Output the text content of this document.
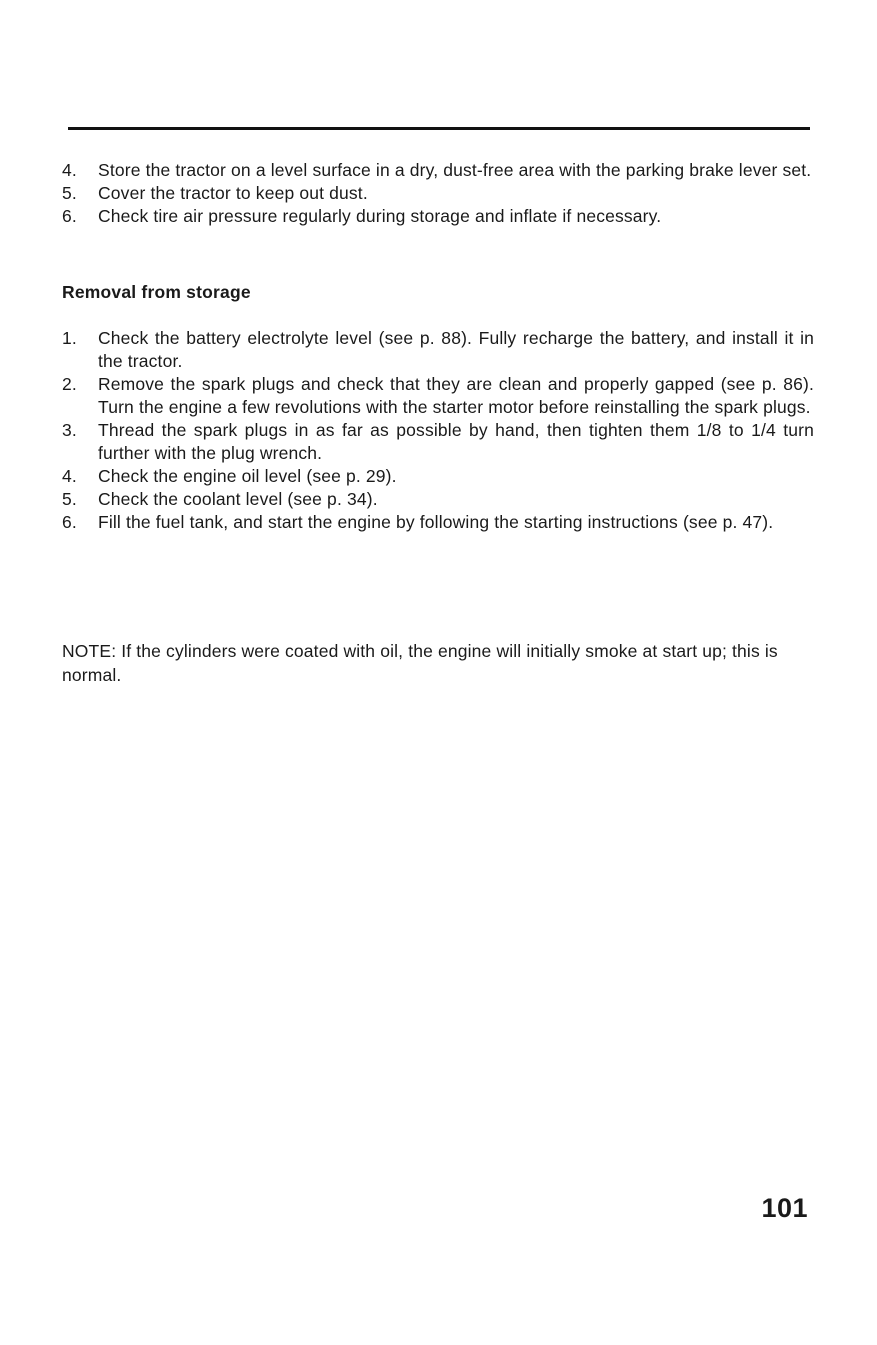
4.	Store the tractor on a level surface in a dry, dust-free area with the parking brake lever set.
5.	Cover the tractor to keep out dust.
6.	Check tire air pressure regularly during storage and inflate if necessary.
Removal from storage
1.	Check the battery electrolyte level (see p. 88). Fully recharge the battery, and install it in the tractor.
2.	Remove the spark plugs and check that they are clean and properly gapped (see p. 86). Turn the engine a few revolutions with the starter motor before reinstalling the spark plugs.
3.	Thread the spark plugs in as far as possible by hand, then tighten them 1/8 to 1/4 turn further with the plug wrench.
4.	Check the engine oil level (see p. 29).
5.	Check the coolant level (see p. 34).
6.	Fill the fuel tank, and start the engine by following the starting instructions (see p. 47).

NOTE: If the cylinders were coated with oil, the engine will initially smoke at start up; this is normal.

101
